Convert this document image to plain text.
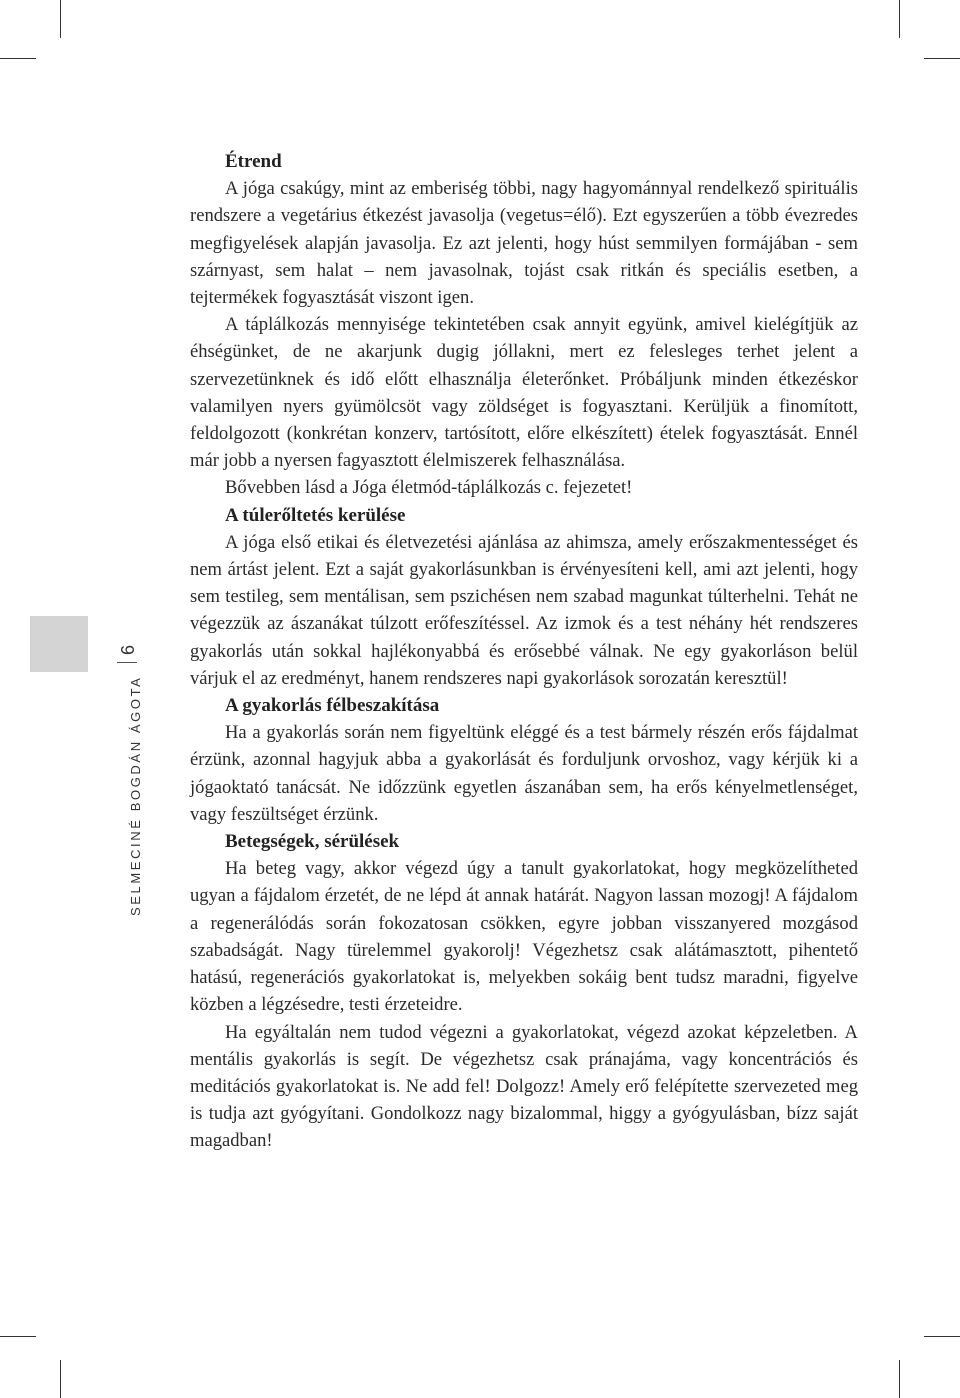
6
SELMECINÉ BOGDÁN ÁGOTA
Étrend

A jóga csakúgy, mint az emberiség többi, nagy hagyománnyal rendelkező spirituális rendszere a vegetárius étkezést javasolja (vegetus=élő). Ezt egyszerűen a több évezredes megfigyelések alapján javasolja. Ez azt jelenti, hogy húst semmilyen formájában - sem szárnyast, sem halat – nem javasolnak, tojást csak ritkán és speciális esetben, a tejtermékek fogyasztását viszont igen.

A táplálkozás mennyisége tekintetében csak annyit együnk, amivel kielégítjük az éhségünket, de ne akarjunk dugig jóllakni, mert ez felesleges terhet jelent a szervezetünknek és idő előtt elhasználja életerőnket. Próbáljunk minden étkezéskor valamilyen nyers gyümölcsöt vagy zöldséget is fogyasztani. Kerüljük a finomított, feldolgozott (konkrétan konzerv, tartósított, előre elkészített) ételek fogyasztását. Ennél már jobb a nyersen fagyasztott élelmiszerek felhasználása.

Bővebben lásd a Jóga életmód-táplálkozás c. fejezetet!

A túlerőltetés kerülése

A jóga első etikai és életvezetési ajánlása az ahimsza, amely erőszakmentességet és nem ártást jelent. Ezt a saját gyakorlásunkban is érvényesíteni kell, ami azt jelenti, hogy sem testileg, sem mentálisan, sem pszichésen nem szabad magunkat túlterhelni. Tehát ne végezzük az ászanákat túlzott erőfeszítéssel. Az izmok és a test néhány hét rendszeres gyakorlás után sokkal hajlékonyabbá és erősebbé válnak. Ne egy gyakorláson belül várjuk el az eredményt, hanem rendszeres napi gyakorlások sorozatán keresztül!

A gyakorlás félbeszakítása

Ha a gyakorlás során nem figyeltünk eléggé és a test bármely részén erős fájdalmat érzünk, azonnal hagyjuk abba a gyakorlását és forduljunk orvoshoz, vagy kérjük ki a jógaoktató tanácsát. Ne időzzünk egyetlen ászanában sem, ha erős kényelmetlenséget, vagy feszültséget érzünk.

Betegségek, sérülések

Ha beteg vagy, akkor végezd úgy a tanult gyakorlatokat, hogy megközelítheted ugyan a fájdalom érzetét, de ne lépd át annak határát. Nagyon lassan mozogj! A fájdalom a regenerálódás során fokozatosan csökken, egyre jobban visszanyered mozgásod szabadságát. Nagy türelemmel gyakorolj! Végezhetsz csak alátámasztott, pihentető hatású, regenerációs gyakorlatokat is, melyekben sokáig bent tudsz maradni, figyelve közben a légzésedre, testi érzeteidre.

Ha egyáltalán nem tudod végezni a gyakorlatokat, végezd azokat képzeletben. A mentális gyakorlás is segít. De végezhetsz csak pránajáma, vagy koncentrációs és meditációs gyakorlatokat is. Ne add fel! Dolgozz! Amely erő felépítette szervezeted meg is tudja azt gyógyítani. Gondolkozz nagy bizalommal, higgy a gyógyulásban, bízz saját magadban!
